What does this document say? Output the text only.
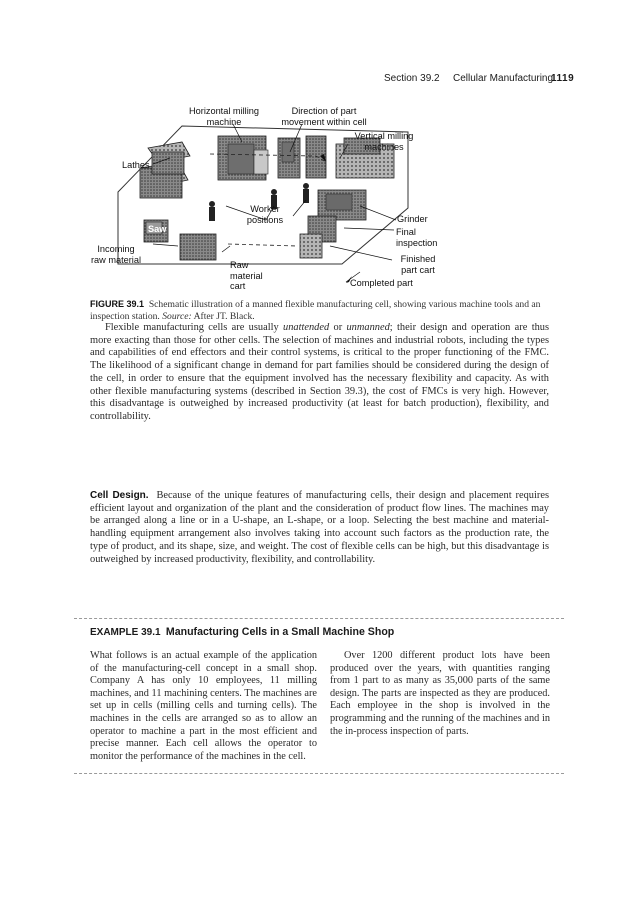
Section 39.2 Cellular Manufacturing
1119
Horizontal milling
machine
Direction of part
movement within cell
Vertical milling
machines
Lathes
Saw
Worker
positions	Grinder
Final
inspection
Incoming
raw material
Raw
material
cart
Finished
part cart
Completed part
FIGURE 39.1 Schematic illustration of a manned flexible manufacturing cell, showing various machine tools and an inspection station. Source: After JT. Black.

Flexible manufacturing cells are usually unattended or unmanned; their design and operation are thus more exacting than those for other cells. The selection of machines and industrial robots, including the types and capabilities of end effectors and their control systems, is critical to the proper functioning of the FMC. The likelihood of a significant change in demand for part families should be considered during the design of the cell, in order to ensure that the equipment involved has the necessary flexibility and capacity. As with other flexible manufacturing systems (described in Section 39.3), the cost of FMCs is very high. However, this disadvantage is outweighed by increased productivity (at least for batch production), flexibility, and controllability.

Cell Design. Because of the unique features of manufacturing cells, their design and placement requires efficient layout and organization of the plant and the consideration of product flow lines. The machines may be arranged along a line or in a U-shape, an L-shape, or a loop. Selecting the best machine and material-handling equipment arrangement also involves taking into account such factors as the production rate, the type of product, and its shape, size, and weight. The cost of flexible cells can be high, but this disadvantage is outweighed by increased productivity, flexibility, and controllability.

EXAMPLE 39.1 Manufacturing Cells in a Small Machine Shop

What follows is an actual example of the application of the manufacturing-cell concept in a small shop. Company A has only 10 employees, 11 milling machines, and 11 machining centers. The machines are set up in cells (milling cells and turning cells). The machines in the cells are arranged so as to allow an operator to machine a part in the most efficient and precise manner. Each cell allows the operator to monitor the performance of the machines in the cell.

Over 1200 different product lots have been produced over the years, with quantities ranging from 1 part to as many as 35,000 parts of the same design. The parts are inspected as they are produced. Each employee in the shop is involved in the programming and the running of the machines and in the in-process inspection of parts.
